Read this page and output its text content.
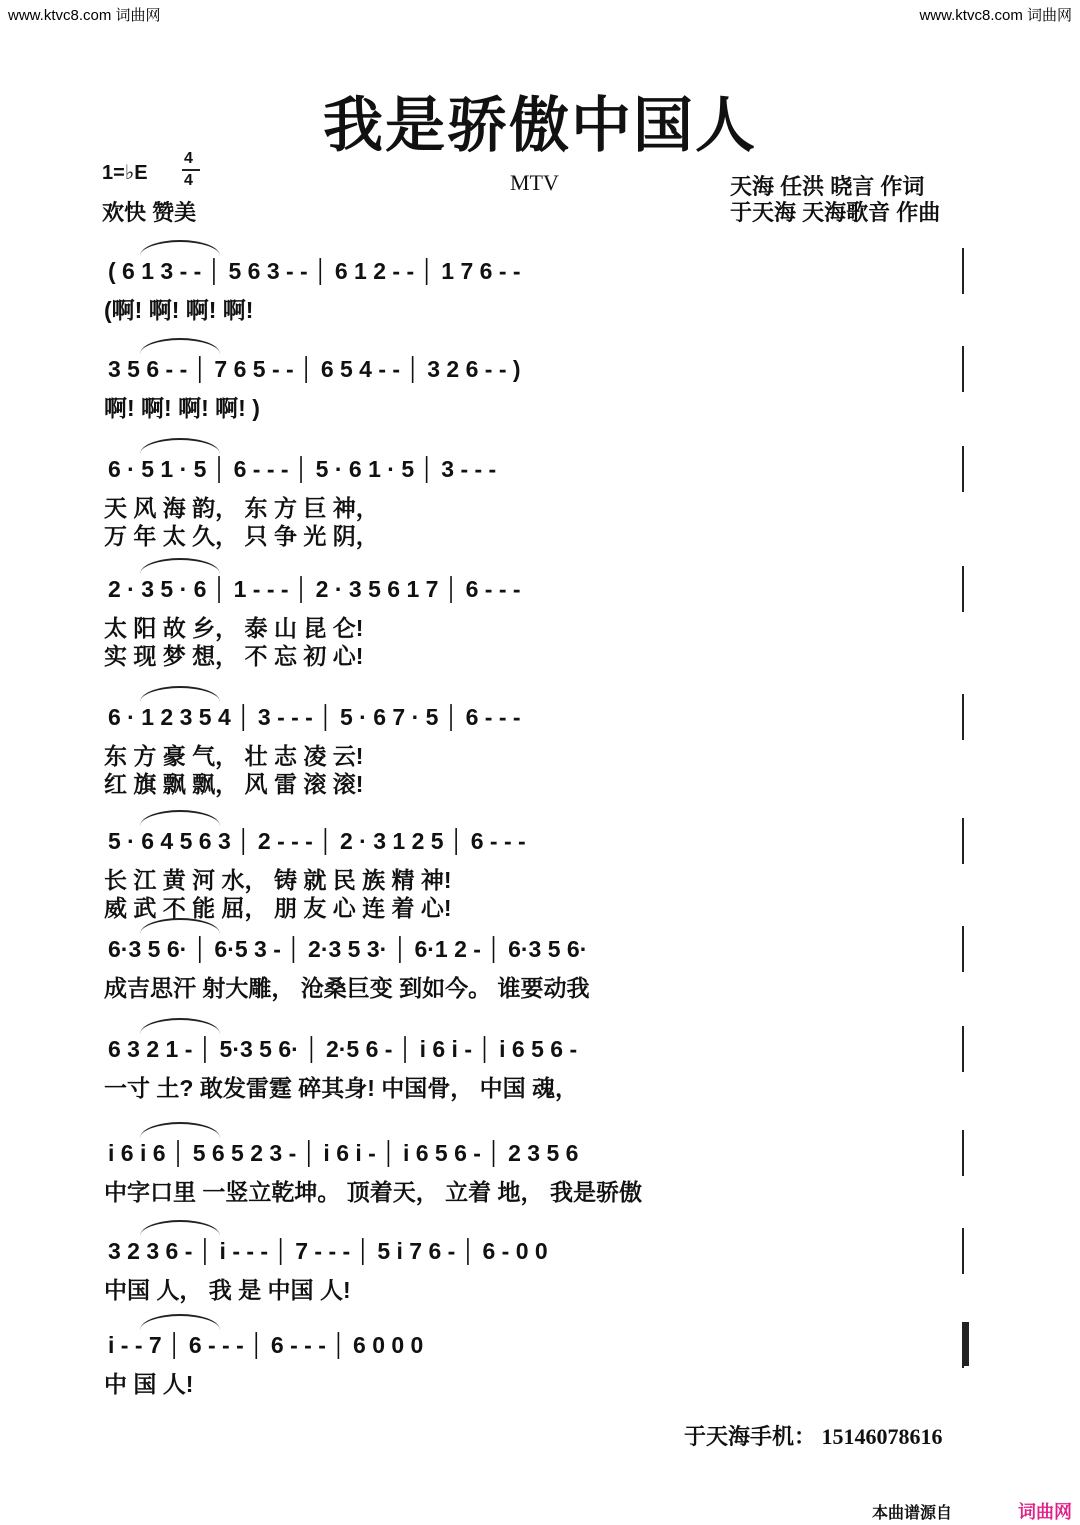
www.ktvc8.com 词曲网	www.ktvc8.com 词曲网
我是骄傲中国人
1=♭E
4
4
欢快 赞美
MTV	天海 任洪 晓言 作词
于天海 天海歌音 作曲
( 6 1 3 - - │ 5 6 3 - - │ 6 1 2 - - │ 1 7 6 - -
(啊! 啊! 啊! 啊!
3 5 6 - - │ 7 6 5 - - │ 6 5 4 - - │ 3 2 6 - - )
啊! 啊! 啊! 啊! )
6 · 5 1 · 5 │ 6 - - - │ 5 · 6 1 · 5 │ 3 - - -
天 风 海 韵， 东 方 巨 神，
万 年 太 久， 只 争 光 阴，
2 · 3 5 · 6 │ 1 - - - │ 2 · 3 5 6 1 7 │ 6 - - -
太 阳 故 乡， 泰 山 昆 仑!
实 现 梦 想， 不 忘 初 心!
6 · 1 2 3 5 4 │ 3 - - - │ 5 · 6 7 · 5 │ 6 - - -
东 方 豪 气， 壮 志 凌 云!
红 旗 飘 飘， 风 雷 滚 滚!
5 · 6 4 5 6 3 │ 2 - - - │ 2 · 3 1 2 5 │ 6 - - -
长 江 黄 河 水， 铸 就 民 族 精 神!
威 武 不 能 屈， 朋 友 心 连 着 心!
6·3 5 6· │ 6·5 3 - │ 2·3 5 3· │ 6·1 2 - │ 6·3 5 6·
成吉思汗 射大雕， 沧桑巨变 到如今。 谁要动我
6 3 2 1 - │ 5·3 5 6· │ 2·5 6 - │ i 6 i - │ i 6 5 6 -
一寸 土? 敢发雷霆 碎其身! 中国骨， 中国 魂，
i 6 i 6 │ 5 6 5 2 3 - │ i 6 i - │ i 6 5 6 - │ 2 3 5 6
中字口里 一竖立乾坤。 顶着天， 立着 地， 我是骄傲
3 2 3 6 - │ i - - - │ 7 - - - │ 5 i 7 6 - │ 6 - 0 0
中国 人， 我 是 中国 人!
i - - 7 │ 6 - - - │ 6 - - - │ 6 0 0 0
中 国 人!
于天海手机： 15146078616
本曲谱源自	词曲网
